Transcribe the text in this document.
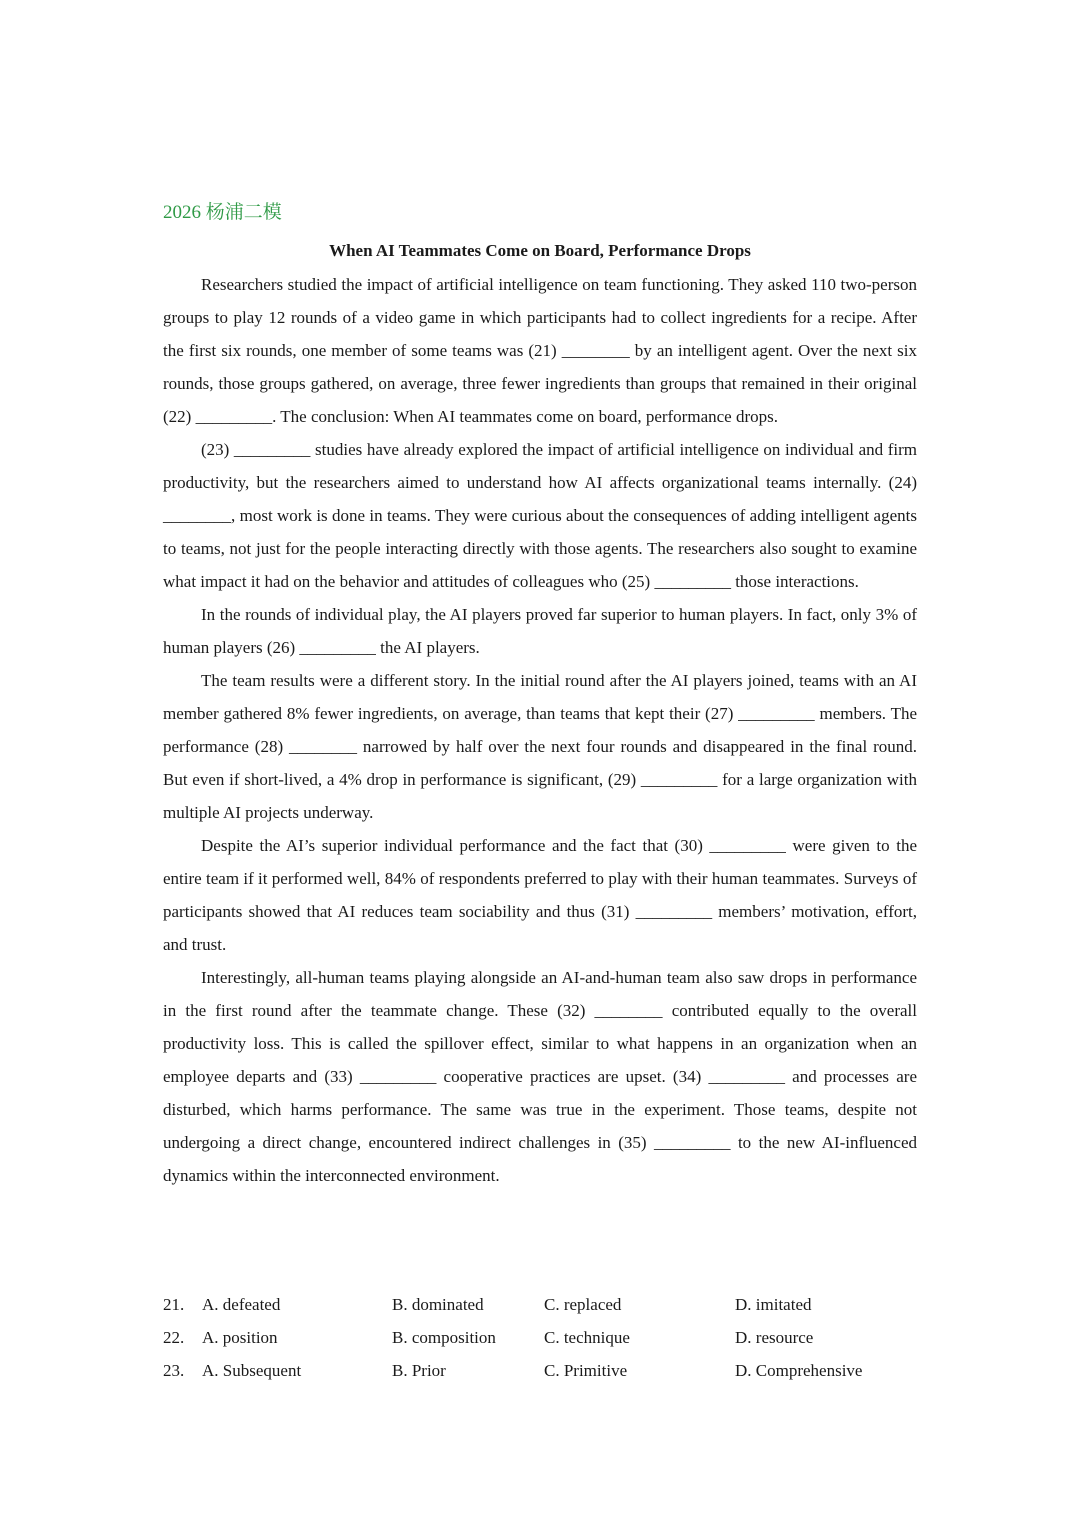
2026 杨浦二模
When AI Teammates Come on Board, Performance Drops

Researchers studied the impact of artificial intelligence on team functioning. They asked 110 two-person groups to play 12 rounds of a video game in which participants had to collect ingredients for a recipe. After the first six rounds, one member of some teams was (21) ________ by an intelligent agent. Over the next six rounds, those groups gathered, on average, three fewer ingredients than groups that remained in their original (22) _________. The conclusion: When AI teammates come on board, performance drops.

(23) _________ studies have already explored the impact of artificial intelligence on individual and firm productivity, but the researchers aimed to understand how AI affects organizational teams internally. (24) ________, most work is done in teams. They were curious about the consequences of adding intelligent agents to teams, not just for the people interacting directly with those agents. The researchers also sought to examine what impact it had on the behavior and attitudes of colleagues who (25) _________ those interactions.

In the rounds of individual play, the AI players proved far superior to human players. In fact, only 3% of human players (26) _________ the AI players.

The team results were a different story. In the initial round after the AI players joined, teams with an AI member gathered 8% fewer ingredients, on average, than teams that kept their (27) _________ members. The performance (28) ________ narrowed by half over the next four rounds and disappeared in the final round. But even if short-lived, a 4% drop in performance is significant, (29) _________ for a large organization with multiple AI projects underway.

Despite the AI’s superior individual performance and the fact that (30) _________ were given to the entire team if it performed well, 84% of respondents preferred to play with their human teammates. Surveys of participants showed that AI reduces team sociability and thus (31) _________ members’ motivation, effort, and trust.

Interestingly, all-human teams playing alongside an AI-and-human team also saw drops in performance in the first round after the teammate change. These (32) ________ contributed equally to the overall productivity loss. This is called the spillover effect, similar to what happens in an organization when an employee departs and (33) _________ cooperative practices are upset. (34) _________ and processes are disturbed, which harms performance. The same was true in the experiment. Those teams, despite not undergoing a direct change, encountered indirect challenges in (35) _________ to the new AI-influenced dynamics within the interconnected environment.

21. A. defeated	B. dominated	C. replaced	D. imitated
22. A. position	B. composition	C. technique	D. resource
23. A. Subsequent	B. Prior	C. Primitive	D. Comprehensive
